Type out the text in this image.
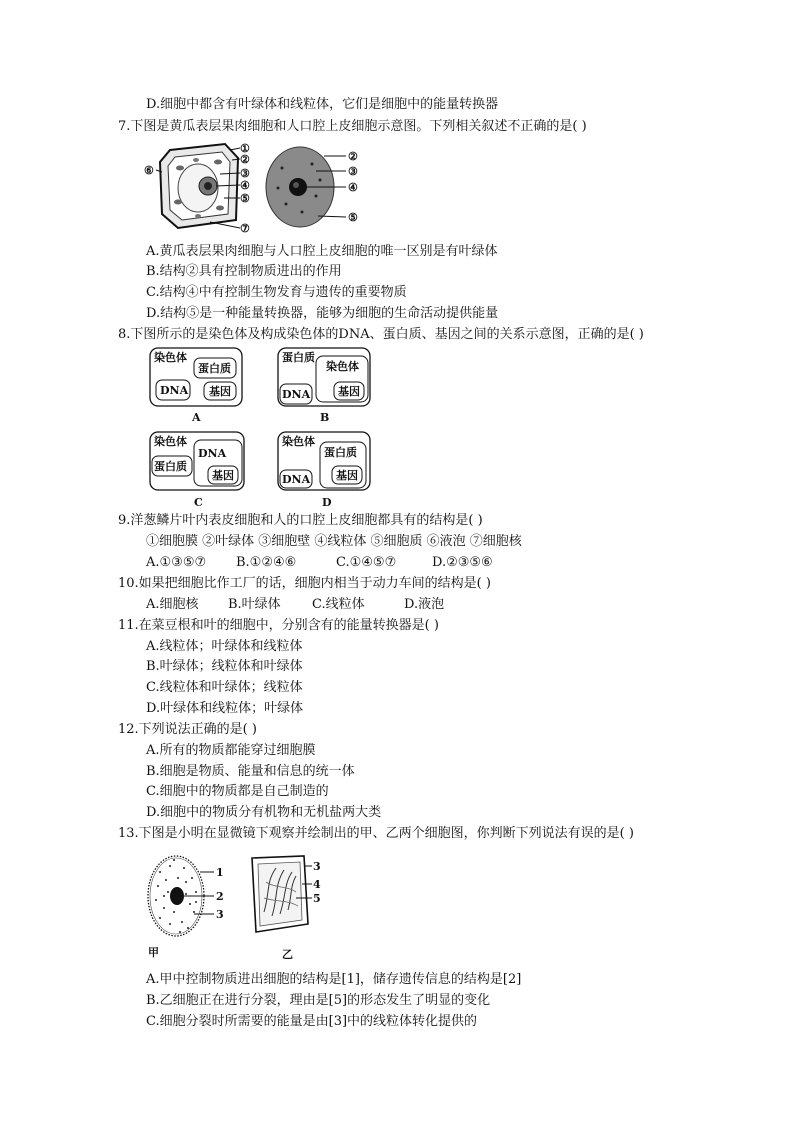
D.细胞中都含有叶绿体和线粒体，它们是细胞中的能量转换器
7.下图是黄瓜表层果肉细胞和人口腔上皮细胞示意图。下列相关叙述不正确的是( )
①
②
③
④
⑤
⑥
⑦
②
③
④
⑤
A.黄瓜表层果肉细胞与人口腔上皮细胞的唯一区别是有叶绿体
B.结构②具有控制物质进出的作用
C.结构④中有控制生物发育与遗传的重要物质
D.结构⑤是一种能量转换器，能够为细胞的生命活动提供能量
8.下图所示的是染色体及构成染色体的DNA、蛋白质、基因之间的关系示意图，正确的是( )
染色体
蛋白质
DNA 基因
A
蛋白质
染色体
DNA	基因
B
染色体
蛋白质
DNA
基因
C
染色体
蛋白质
DNA 基因
D
9.洋葱鳞片叶内表皮细胞和人的口腔上皮细胞都具有的结构是( )
①细胞膜 ②叶绿体 ③细胞壁 ④线粒体 ⑤细胞质 ⑥液泡 ⑦细胞核
A.①③⑤⑦ B.①②④⑥	C.①④⑤⑦	D.②③⑤⑥
10.如果把细胞比作工厂的话，细胞内相当于动力车间的结构是( )
A.细胞核 B.叶绿体 C.线粒体	D.液泡
11.在菜豆根和叶的细胞中，分别含有的能量转换器是( )
A.线粒体；叶绿体和线粒体
B.叶绿体；线粒体和叶绿体
C.线粒体和叶绿体；线粒体
D.叶绿体和线粒体；叶绿体
12.下列说法正确的是( )
A.所有的物质都能穿过细胞膜
B.细胞是物质、能量和信息的统一体
C.细胞中的物质都是自己制造的
D.细胞中的物质分有机物和无机盐两大类
13.下图是小明在显微镜下观察并绘制出的甲、乙两个细胞图，你判断下列说法有误的是( )
1
2
3
甲
3
4
5
乙
A.甲中控制物质进出细胞的结构是[1]，储存遗传信息的结构是[2]
B.乙细胞正在进行分裂，理由是[5]的形态发生了明显的变化
C.细胞分裂时所需要的能量是由[3]中的线粒体转化提供的
